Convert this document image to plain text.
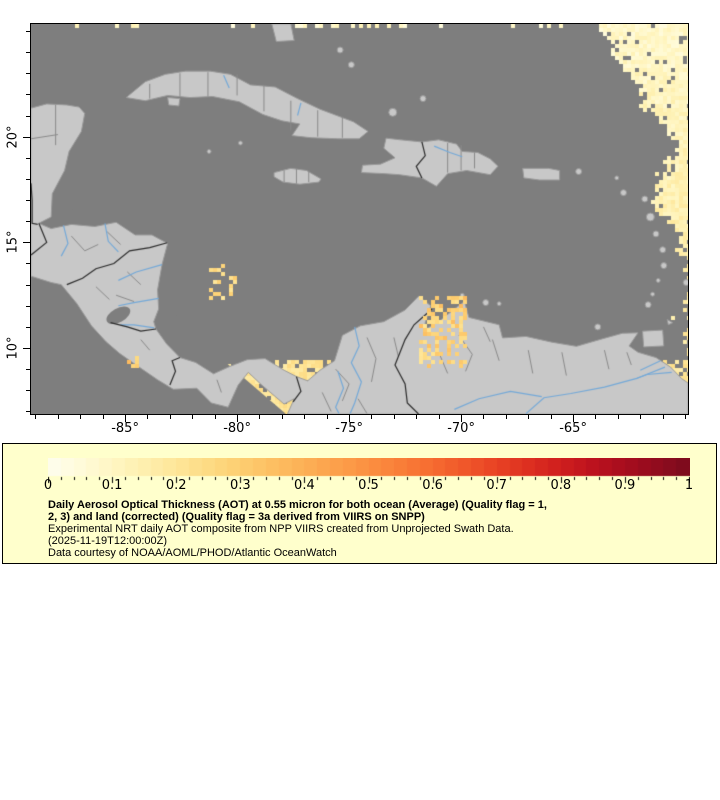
-85°	-80°	-75°	-70°	-65°
20°
15°
10°
0	0.1	0.2	0.3	0.4	0.5	0.6	0.7	0.8	0.9	1
Daily Aerosol Optical Thickness (AOT) at 0.55 micron for both ocean (Average) (Quality flag = 1,
2, 3) and land (corrected) (Quality flag = 3a derived from VIIRS on SNPP)
Experimental NRT daily AOT composite from NPP VIIRS created from Unprojected Swath Data.
(2025-11-19T12:00:00Z)
Data courtesy of NOAA/AOML/PHOD/Atlantic OceanWatch
